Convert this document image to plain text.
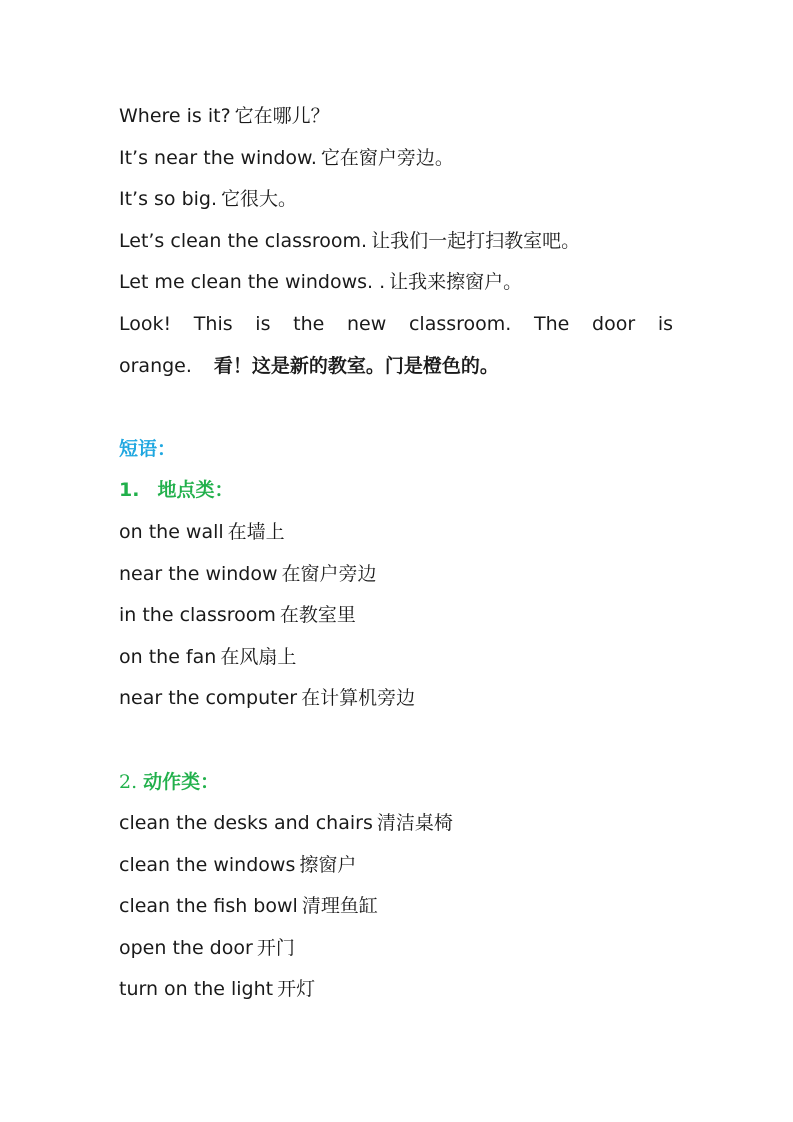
Where is it? 它在哪儿？
It’s near the window. 它在窗户旁边。
It’s so big. 它很大。
Let’s clean the classroom. 让我们一起打扫教室吧。
Let me clean the windows. . 让我来擦窗户。
Look! This is the new classroom. The door is
orange. 看！这是新的教室。门是橙色的。
短语：
1. 地点类：
on the wall 在墙上
near the window 在窗户旁边
in the classroom 在教室里
on the fan 在风扇上
near the computer 在计算机旁边
2. 动作类：
clean the desks and chairs 清洁桌椅
clean the windows 擦窗户
clean the fish bowl 清理鱼缸
open the door 开门
turn on the light 开灯
